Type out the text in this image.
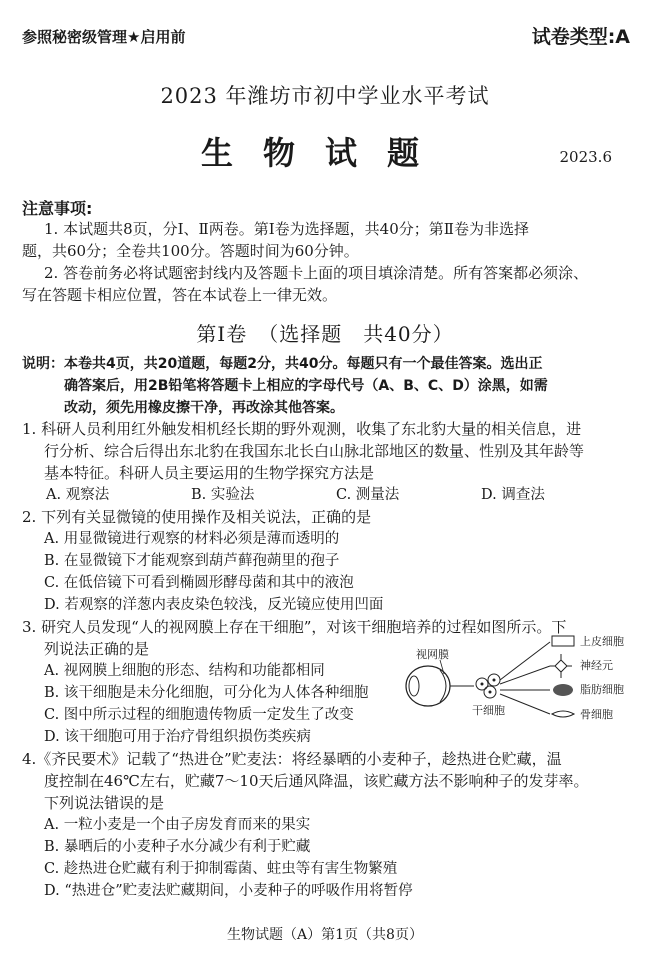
参照秘密级管理★启用前	试卷类型:A
2023 年潍坊市初中学业水平考试
生物试题	2023.6
注意事项:
1. 本试题共8页，分Ⅰ、Ⅱ两卷。第Ⅰ卷为选择题，共40分；第Ⅱ卷为非选择
题，共60分；全卷共100分。答题时间为60分钟。
2. 答卷前务必将试题密封线内及答题卡上面的项目填涂清楚。所有答案都必须涂、
写在答题卡相应位置，答在本试卷上一律无效。
第Ⅰ卷　（选择题　共40分）
说明：本卷共4页，共20道题，每题2分，共40分。每题只有一个最佳答案。选出正
确答案后，用2B铅笔将答题卡上相应的字母代号（A、B、C、D）涂黑，如需
改动，须先用橡皮擦干净，再改涂其他答案。
1. 科研人员利用红外触发相机经长期的野外观测，收集了东北豹大量的相关信息，进
行分析、综合后得出东北豹在我国东北长白山脉北部地区的数量、性别及其年龄等
基本特征。科研人员主要运用的生物学探究方法是
A. 观察法	B. 实验法	C. 测量法	D. 调查法
2. 下列有关显微镜的使用操作及相关说法，正确的是
A. 用显微镜进行观察的材料必须是薄而透明的
B. 在显微镜下才能观察到葫芦藓孢蒴里的孢子
C. 在低倍镜下可看到椭圆形酵母菌和其中的液泡
D. 若观察的洋葱内表皮染色较浅，反光镜应使用凹面
3. 研究人员发现“人的视网膜上存在干细胞”，对该干细胞培养的过程如图所示。下
列说法正确的是
A. 视网膜上细胞的形态、结构和功能都相同
B. 该干细胞是未分化细胞，可分化为人体各种细胞
C. 图中所示过程的细胞遗传物质一定发生了改变
D. 该干细胞可用于治疗骨组织损伤类疾病
视网膜
干细胞
上皮细胞
神经元
脂肪细胞
骨细胞
4.《齐民要术》记载了“热进仓”贮麦法：将经暴晒的小麦种子，趁热进仓贮藏，温
度控制在46℃左右，贮藏7～10天后通风降温，该贮藏方法不影响种子的发芽率。
下列说法错误的是
A. 一粒小麦是一个由子房发育而来的果实
B. 暴晒后的小麦种子水分减少有利于贮藏
C. 趁热进仓贮藏有利于抑制霉菌、蛀虫等有害生物繁殖
D. “热进仓”贮麦法贮藏期间，小麦种子的呼吸作用将暂停
生物试题（A）第1页（共8页）
